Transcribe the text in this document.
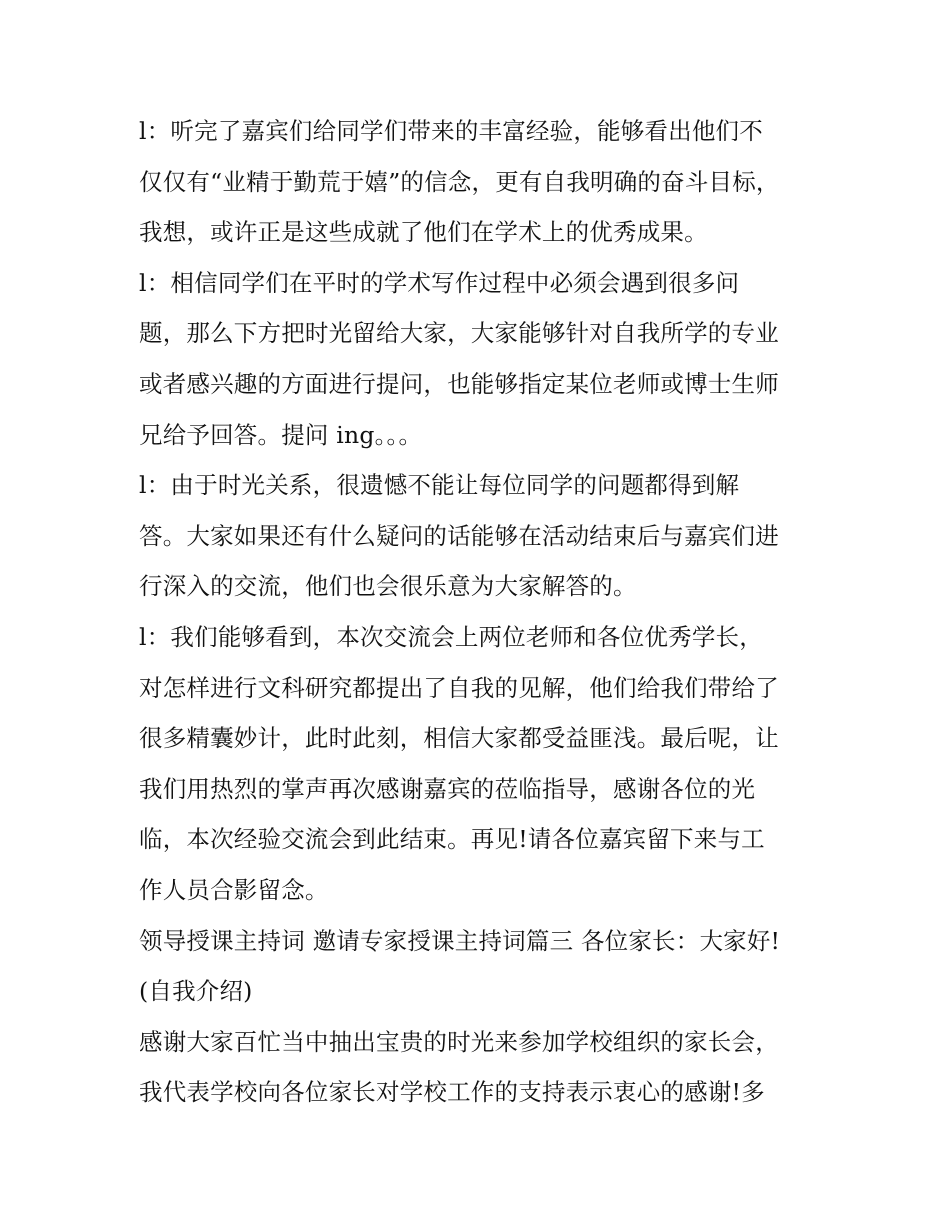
l：听完了嘉宾们给同学们带来的丰富经验，能够看出他们不
仅仅有“业精于勤荒于嬉”的信念，更有自我明确的奋斗目标，
我想，或许正是这些成就了他们在学术上的优秀成果。
l：相信同学们在平时的学术写作过程中必须会遇到很多问
题，那么下方把时光留给大家，大家能够针对自我所学的专业
或者感兴趣的方面进行提问，也能够指定某位老师或博士生师
兄给予回答。提问 ing。。。
l：由于时光关系，很遗憾不能让每位同学的问题都得到解
答。大家如果还有什么疑问的话能够在活动结束后与嘉宾们进
行深入的交流，他们也会很乐意为大家解答的。
l：我们能够看到，本次交流会上两位老师和各位优秀学长，
对怎样进行文科研究都提出了自我的见解，他们给我们带给了
很多精囊妙计，此时此刻，相信大家都受益匪浅。最后呢，让
我们用热烈的掌声再次感谢嘉宾的莅临指导，感谢各位的光
临，本次经验交流会到此结束。再见!请各位嘉宾留下来与工
作人员合影留念。
领导授课主持词 邀请专家授课主持词篇三 各位家长：大家好!
(自我介绍)
感谢大家百忙当中抽出宝贵的时光来参加学校组织的家长会，
我代表学校向各位家长对学校工作的支持表示衷心的感谢!多
